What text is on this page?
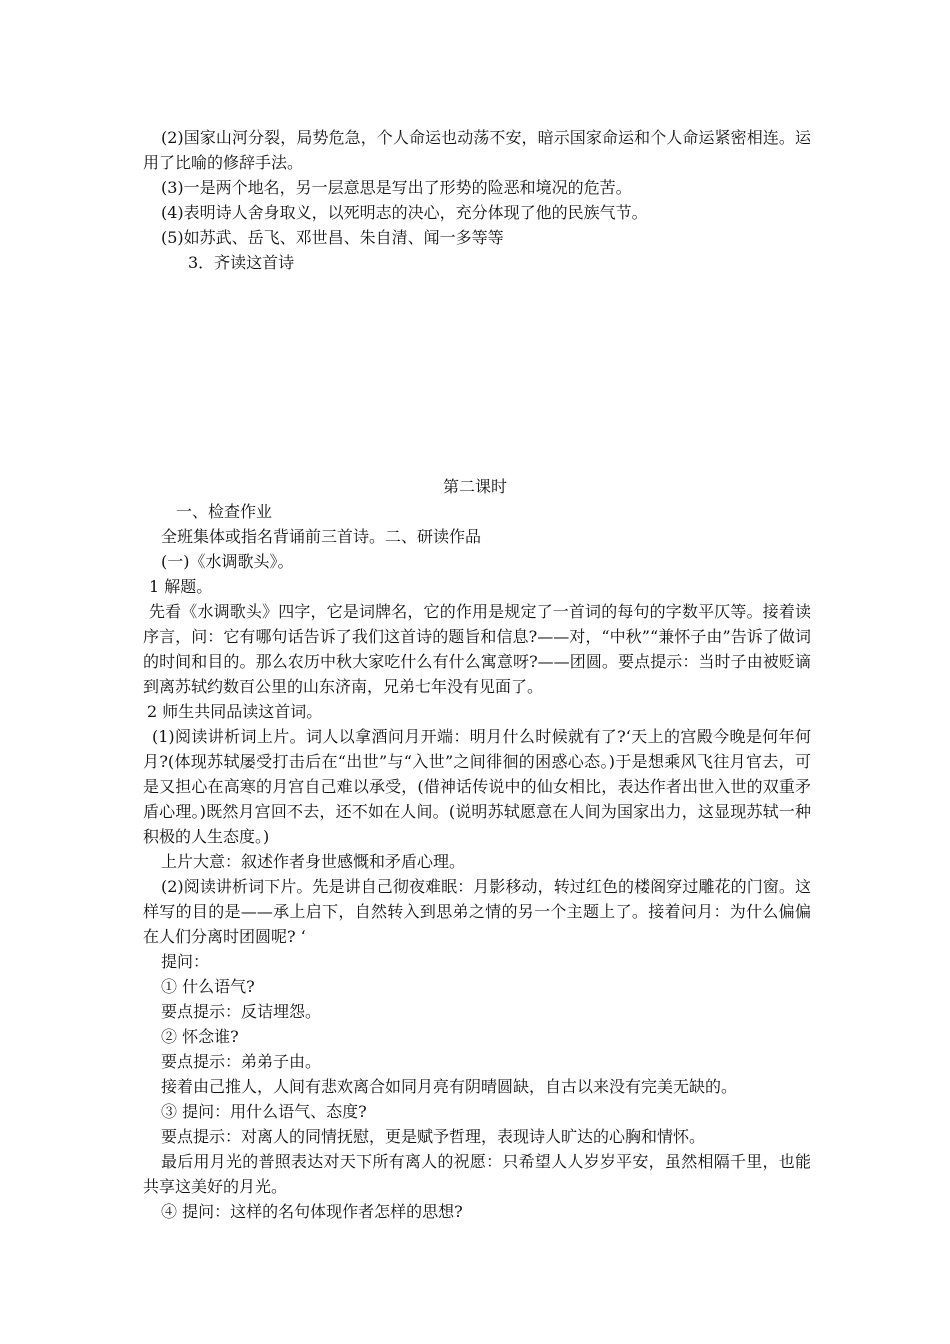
(2)国家山河分裂，局势危急，个人命运也动荡不安，暗示国家命运和个人命运紧密相连。运用了比喻的修辞手法。

(3)一是两个地名，另一层意思是写出了形势的险恶和境况的危苦。

(4)表明诗人舍身取义，以死明志的决心，充分体现了他的民族气节。

(5)如苏武、岳飞、邓世昌、朱自清、闻一多等等

3．齐读这首诗

第二课时

一、检查作业

全班集体或指名背诵前三首诗。二、研读作品

(一)《水调歌头》。

1 解题。

先看《水调歌头》四字，它是词牌名，它的作用是规定了一首词的每句的字数平仄等。接着读序言，问：它有哪句话告诉了我们这首诗的题旨和信息?——对，“中秋”“兼怀子由”告诉了做词的时间和目的。那么农历中秋大家吃什么有什么寓意呀?——团圆。要点提示：当时子由被贬谪到离苏轼约数百公里的山东济南，兄弟七年没有见面了。

2 师生共同品读这首词。

(1)阅读讲析词上片。词人以拿酒问月开端：明月什么时候就有了?‘天上的宫殿今晚是何年何月?(体现苏轼屡受打击后在“出世”与“入世”之间徘徊的困惑心态。)于是想乘风飞往月官去，可是又担心在高寒的月宫自己难以承受，(借神话传说中的仙女相比，表达作者出世入世的双重矛盾心理。)既然月宫回不去，还不如在人间。(说明苏轼愿意在人间为国家出力，这显现苏轼一种积极的人生态度。)

上片大意：叙述作者身世感慨和矛盾心理。

(2)阅读讲析词下片。先是讲自己彻夜难眠：月影移动，转过红色的楼阁穿过雕花的门窗。这样写的目的是——承上启下，自然转入到思弟之情的另一个主题上了。接着问月：为什么偏偏在人们分离时团圆呢? ‘

提问：

① 什么语气?

要点提示：反诘埋怨。

② 怀念谁?

要点提示：弟弟子由。

接着由己推人，人间有悲欢离合如同月亮有阴晴圆缺，自古以来没有完美无缺的。

③ 提问：用什么语气、态度?

要点提示：对离人的同情抚慰，更是赋予哲理，表现诗人旷达的心胸和情怀。

最后用月光的普照表达对天下所有离人的祝愿：只希望人人岁岁平安，虽然相隔千里，也能共享这美好的月光。

④ 提问：这样的名句体现作者怎样的思想?
